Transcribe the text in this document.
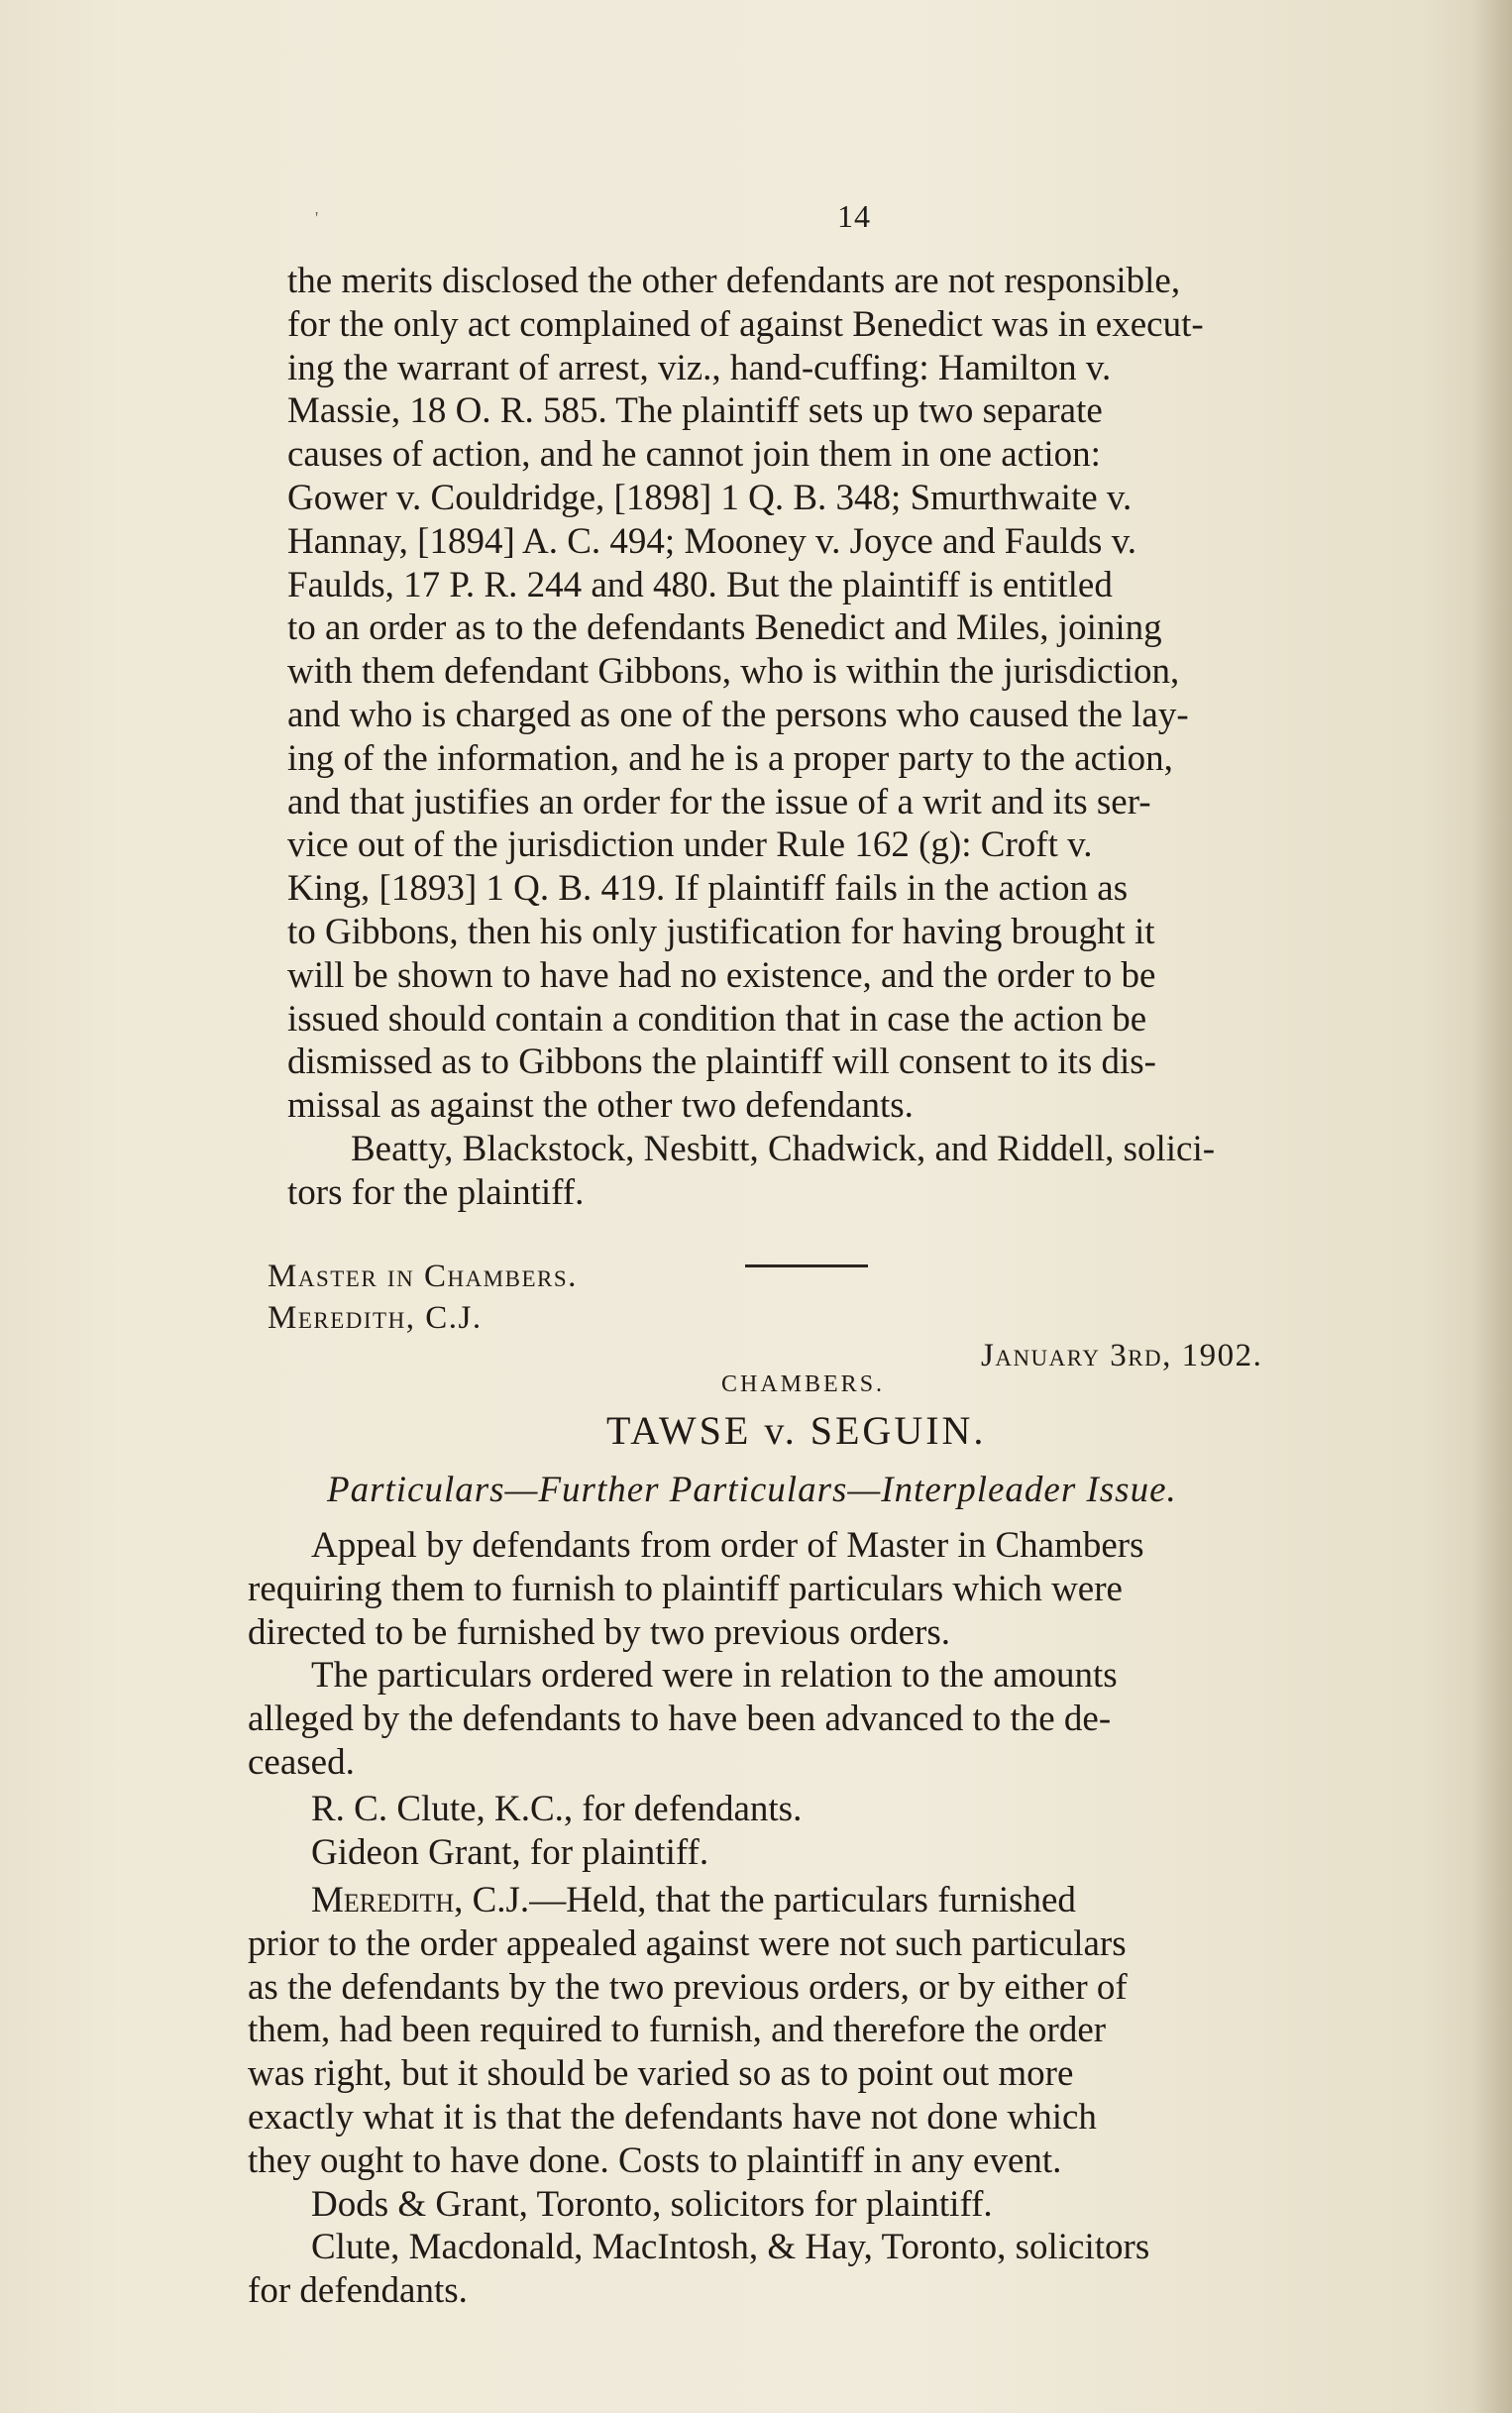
'	14
the merits disclosed the other defendants are not responsible,
for the only act complained of against Benedict was in execut-
ing the warrant of arrest, viz., hand-cuffing: Hamilton v.
Massie, 18 O. R. 585. The plaintiff sets up two separate
causes of action, and he cannot join them in one action:
Gower v. Couldridge, [1898] 1 Q. B. 348; Smurthwaite v.
Hannay, [1894] A. C. 494; Mooney v. Joyce and Faulds v.
Faulds, 17 P. R. 244 and 480. But the plaintiff is entitled
to an order as to the defendants Benedict and Miles, joining
with them defendant Gibbons, who is within the jurisdiction,
and who is charged as one of the persons who caused the lay-
ing of the information, and he is a proper party to the action,
and that justifies an order for the issue of a writ and its ser-
vice out of the jurisdiction under Rule 162 (g): Croft v.
King, [1893] 1 Q. B. 419. If plaintiff fails in the action as
to Gibbons, then his only justification for having brought it
will be shown to have had no existence, and the order to be
issued should contain a condition that in case the action be
dismissed as to Gibbons the plaintiff will consent to its dis-
missal as against the other two defendants.
Beatty, Blackstock, Nesbitt, Chadwick, and Riddell, solici-
tors for the plaintiff.
Master in Chambers.
Meredith, C.J.
January 3rd, 1902.
CHAMBERS.
TAWSE v. SEGUIN.
Particulars—Further Particulars—Interpleader Issue.
Appeal by defendants from order of Master in Chambers
requiring them to furnish to plaintiff particulars which were
directed to be furnished by two previous orders.
The particulars ordered were in relation to the amounts
alleged by the defendants to have been advanced to the de-
ceased.
R. C. Clute, K.C., for defendants.
Gideon Grant, for plaintiff.
Meredith, C.J.—Held, that the particulars furnished
prior to the order appealed against were not such particulars
as the defendants by the two previous orders, or by either of
them, had been required to furnish, and therefore the order
was right, but it should be varied so as to point out more
exactly what it is that the defendants have not done which
they ought to have done. Costs to plaintiff in any event.
Dods & Grant, Toronto, solicitors for plaintiff.
Clute, Macdonald, MacIntosh, & Hay, Toronto, solicitors
for defendants.
